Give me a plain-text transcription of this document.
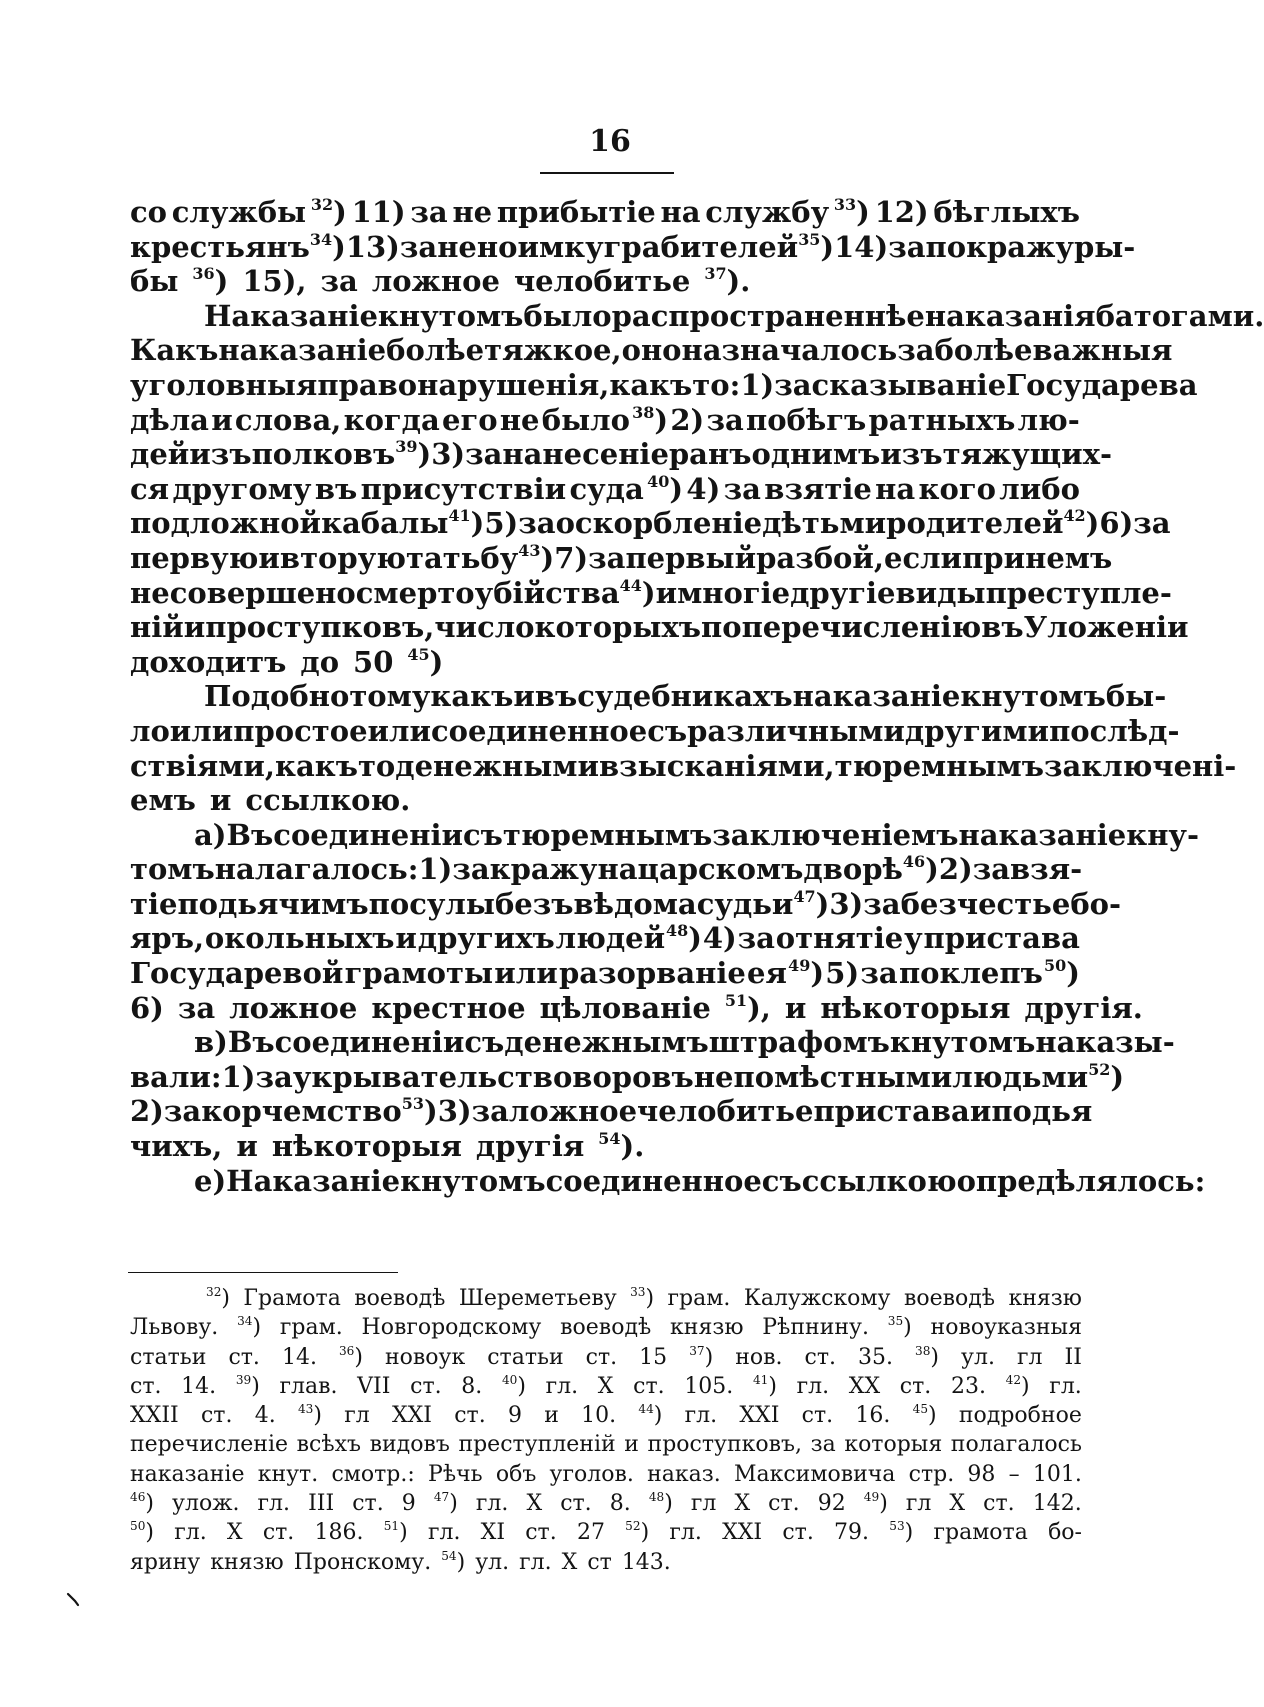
16
со службы $^{32}$) 11) за не прибытіе на службу $^{33}$) 12) бѣглыхъ
крестьянъ $^{34}$) 13) за неноимку грабителей $^{35}$) 14) за покражу ры-
бы $^{36}$) 15), за ложное челобитье $^{37}$).
Наказаніе кнутомъ было распространеннѣе наказанія батогами.
Какъ наказаніе болѣе тяжкое, оно назначалось за болѣе важныя
уголовныя правонарушенія, какъ то: 1) за сказываніе Государева
дѣла и слова, когда его не было $^{38}$) 2) за побѣгъ ратныхъ лю-
дей изъ полковъ $^{39}$) 3) за нанесеніе ранъ однимъ изъ тяжущих-
ся другому въ присутствіи суда $^{40}$) 4) за взятіе на кого либо
подложной кабалы $^{41}$) 5) за оскорбленіе дѣтьми родителей $^{42}$) 6) за
первую и вторую татьбу $^{43}$) 7) за первый разбой, если при немъ
не совершено смертоубійства $^{44}$) и многіе другіе виды преступле-
ній и проступковъ, число которыхъ по перечисленію въ Уложеніи
доходитъ до 50 $^{45}$)
Подобно тому какъ и въ судебникахъ наказаніе кнутомъ бы-
ло или простое или соединенное съ различными другими послѣд-
ствіями, какъ то денежными взысканіями, тюремнымъ заключені-
емъ и ссылкою.
а) Въ соединеніи съ тюремнымъ заключеніемъ наказаніе кну-
томъ налагалось: 1) за кражу на царскомъ дворѣ $^{46}$) 2) за взя-
тіе подьячимъ посулы безъ вѣдома судьи $^{47}$) 3) за безчестье бо-
яръ, окольныхъ и другихъ людей $^{48}$) 4) за отнятіе у пристава
Государевой грамоты или разорваніе ея $^{49}$) 5) за поклепъ $^{50}$)
6) за ложное крестное цѣлованіе $^{51}$), и нѣкоторыя другія.
в) Въ соединеніи съ денежнымъ штрафомъ кнутомъ наказы-
вали: 1) за укрывательство воровъ не помѣстными людьми $^{52}$)
2) за корчемство $^{53}$) 3) за ложное челобитье пристава и подья
чихъ, и нѣкоторыя другія $^{54}$).
е) Наказаніе кнутомъ соединенное съ ссылкою опредѣлялось:
$^{32}$) Грамота воеводѣ Шереметьеву $^{33}$) грам. Калужскому воеводѣ князю
Львову. $^{34}$) грам. Новгородскому воеводѣ князю Рѣпнину. $^{35}$) новоуказныя
статьи ст. 14. $^{36}$) новоук статьи ст. 15 $^{37}$) нов. ст. 35. $^{38}$) ул. гл II
ст. 14. $^{39}$) глав. VII ст. 8. $^{40}$) гл. X ст. 105. $^{41}$) гл. XX ст. 23. $^{42}$) гл.
XXII ст. 4. $^{43}$) гл XXI ст. 9 и 10. $^{44}$) гл. XXI ст. 16. $^{45}$) подробное
перечисленіе всѣхъ видовъ преступленій и проступковъ, за которыя полагалось
наказаніе кнут. смотр.: Рѣчь объ уголов. наказ. Максимовича стр. 98 – 101.
$^{46}$) улож. гл. III ст. 9 $^{47}$) гл. X ст. 8. $^{48}$) гл X ст. 92 $^{49}$) гл X ст. 142.
$^{50}$) гл. X ст. 186. $^{51}$) гл. XI ст. 27 $^{52}$) гл. XXI ст. 79. $^{53}$) грамота бо-
ярину князю Пронскому. $^{54}$) ул. гл. X ст 143.
